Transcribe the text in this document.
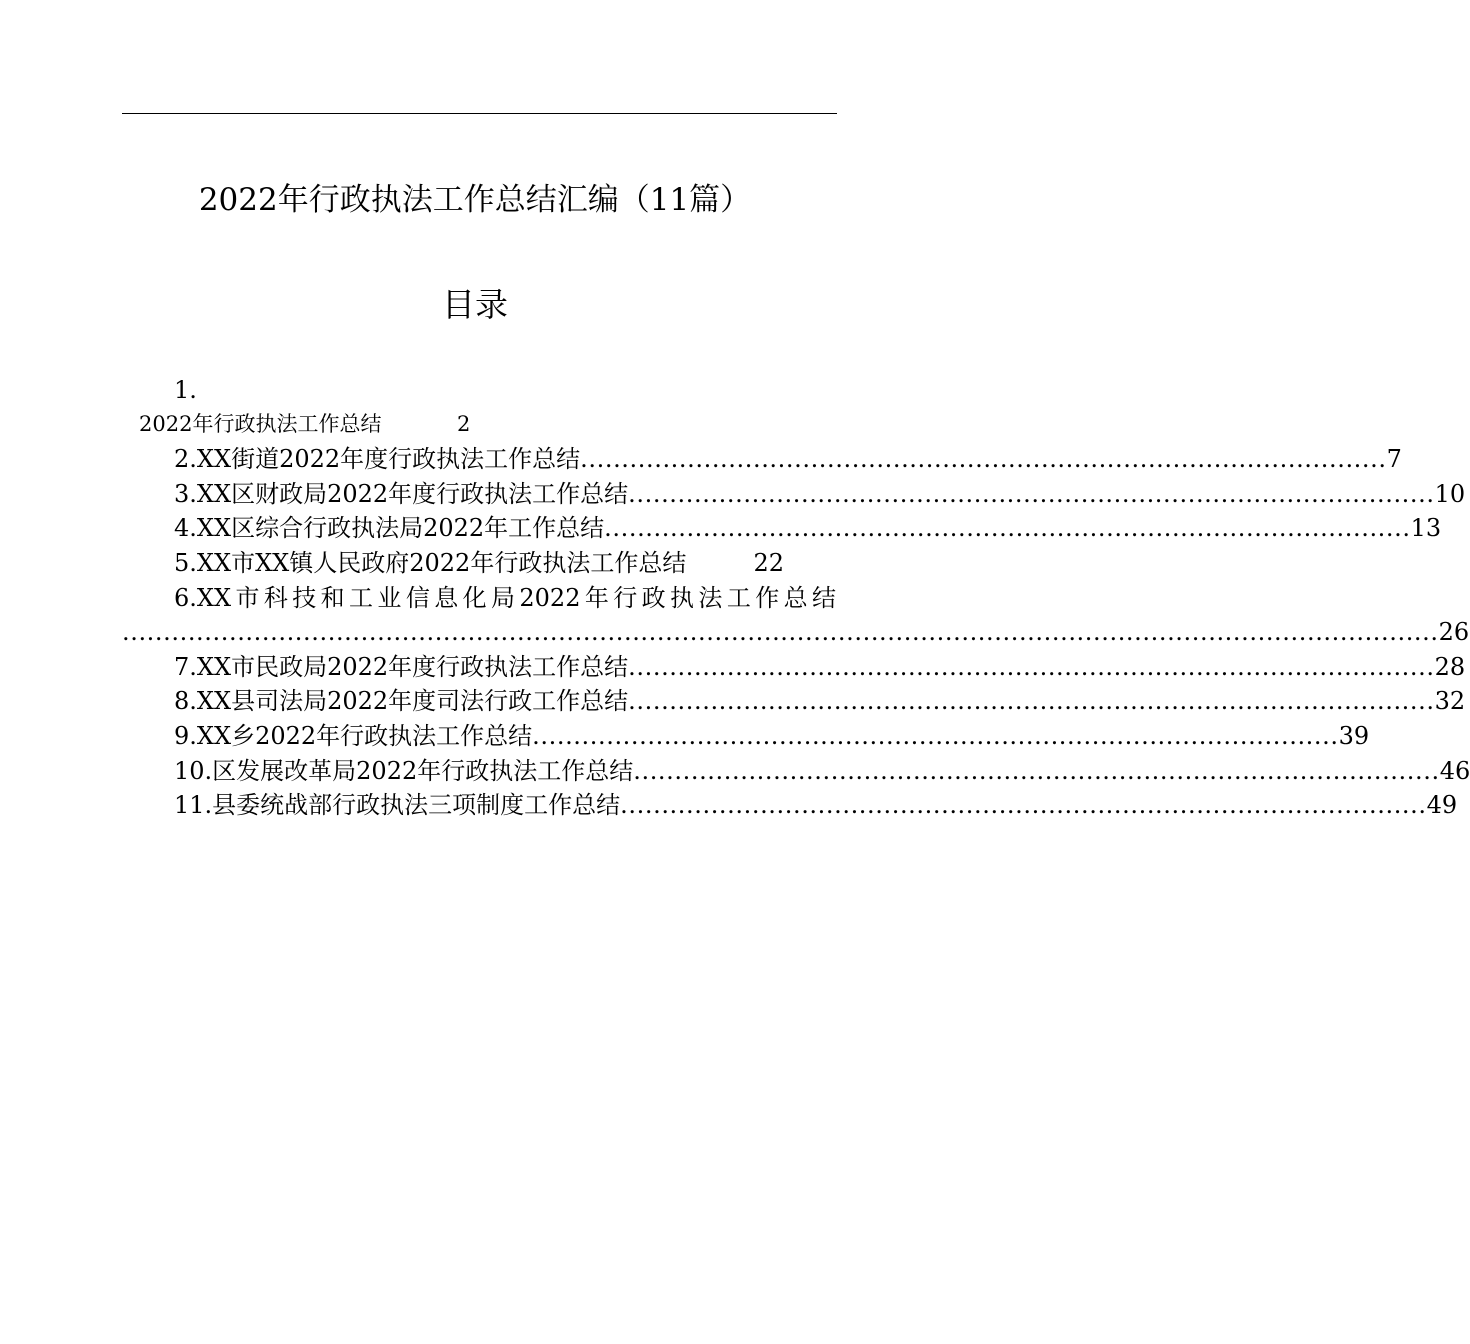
2022年行政执法工作总结汇编（11篇）
目录
1.
2022年行政执法工作总结	2
2.XX街道2022年度行政执法工作总结 .................................................................................................. 7
3.XX区财政局2022年度行政执法工作总结 .................................................................................................. 10
4.XX区综合行政执法局2022年工作总结 .................................................................................................. 13
5.XX市XX镇人民政府2022年行政执法工作总结	22
6.XX市科技和工业信息化局2022年行政执法工作总结
................................................................................................................................................................ 26
7.XX市民政局2022年度行政执法工作总结 .................................................................................................. 28
8.XX县司法局2022年度司法行政工作总结 .................................................................................................. 32
9.XX乡2022年行政执法工作总结 .................................................................................................. 39
10.区发展改革局2022年行政执法工作总结 .................................................................................................. 46
11.县委统战部行政执法三项制度工作总结 .................................................................................................. 49
